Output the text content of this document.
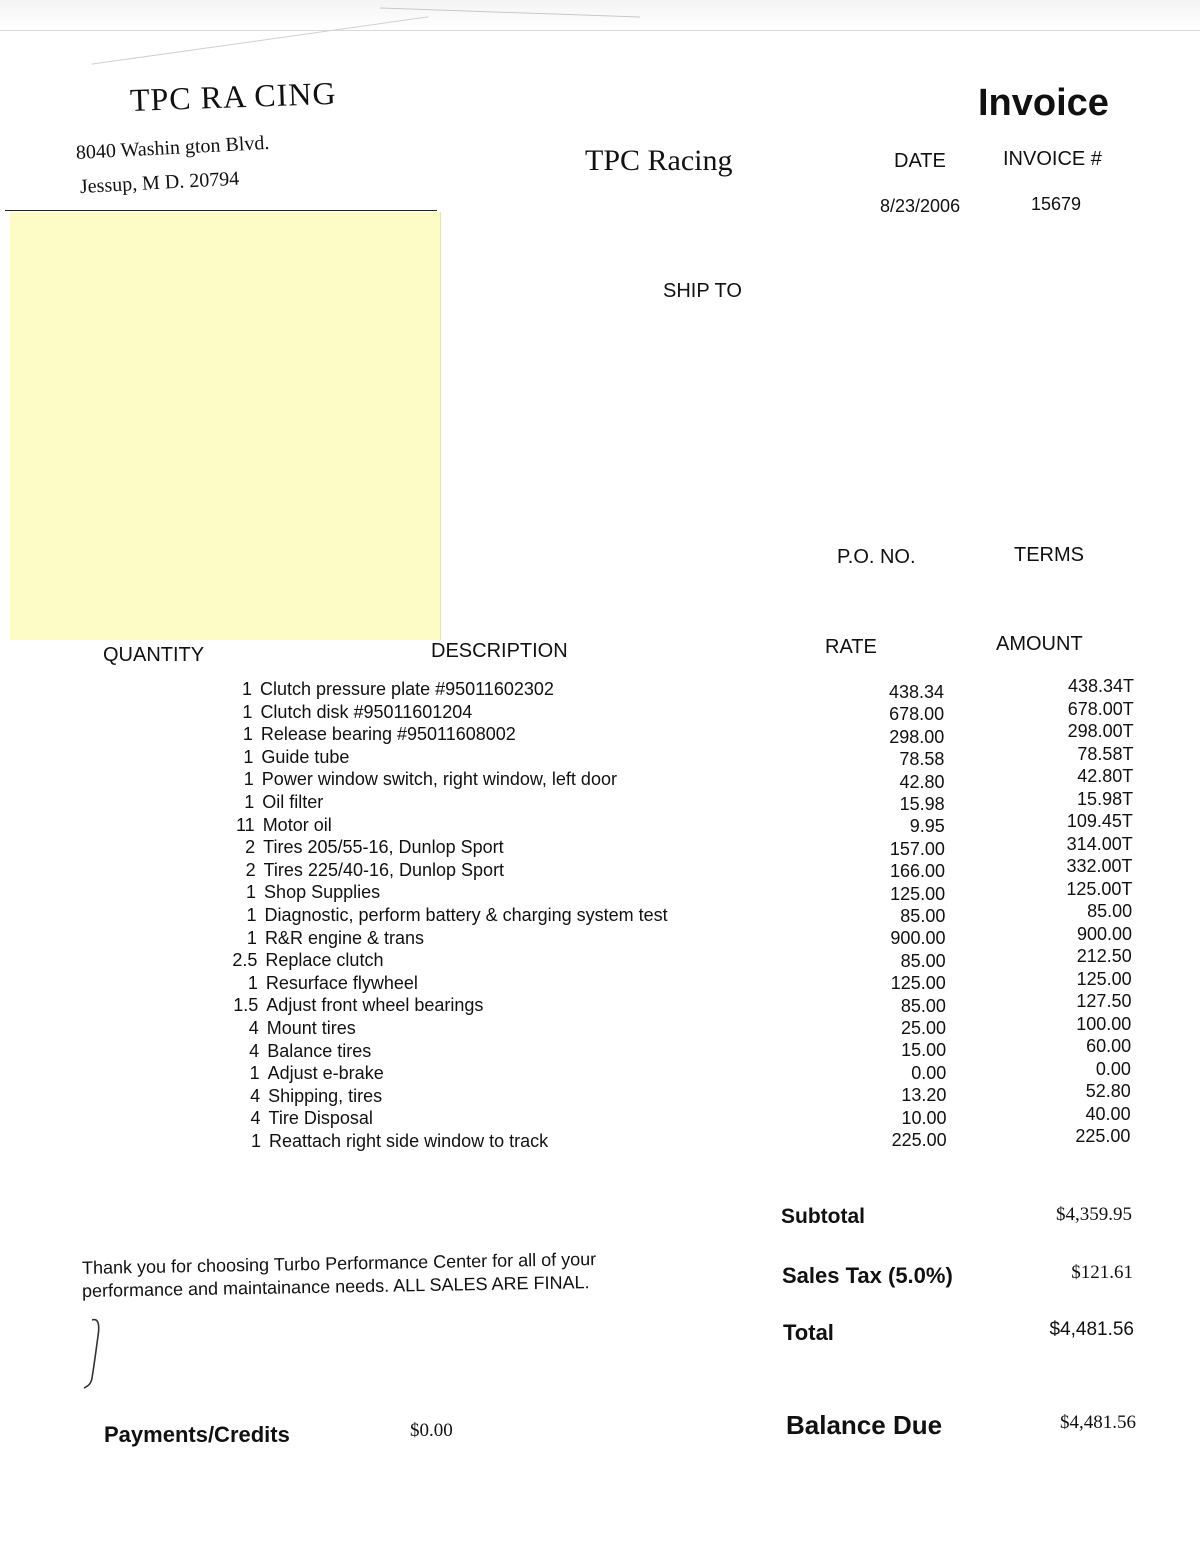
TPC RA CING
8040 Washin gton Blvd.
Jessup, M D. 20794
Invoice
TPC Racing	DATE	INVOICE #
8/23/2006	15679
SHIP TO
P.O. NO.	TERMS
QUANTITY	DESCRIPTION	RATE	AMOUNT
1 Clutch pressure plate #95011602302	438.34	438.34T
1 Clutch disk #95011601204	678.00	678.00T
1 Release bearing #95011608002	298.00	298.00T
1 Guide tube	78.58	78.58T
1 Power window switch, right window, left door	42.80	42.80T
1 Oil filter	15.98	15.98T
11 Motor oil	9.95	109.45T
2 Tires 205/55-16, Dunlop Sport	157.00	314.00T
2 Tires 225/40-16, Dunlop Sport	166.00	332.00T
1 Shop Supplies	125.00	125.00T
1 Diagnostic, perform battery & charging system test	85.00	85.00
1 R&R engine & trans	900.00	900.00
2.5 Replace clutch	85.00	212.50
1 Resurface flywheel	125.00	125.00
1.5 Adjust front wheel bearings	85.00	127.50
4 Mount tires	25.00	100.00
4 Balance tires	15.00	60.00
1 Adjust e-brake	0.00	0.00
4 Shipping, tires	13.20	52.80
4 Tire Disposal	10.00	40.00
1 Reattach right side window to track	225.00	225.00
Thank you for choosing Turbo Performance Center for all of your
performance and maintainance needs. ALL SALES ARE FINAL.
Subtotal	$4,359.95
Sales Tax (5.0%)	$121.61
Total	$4,481.56
Balance Due	$4,481.56
Payments/Credits	$0.00
